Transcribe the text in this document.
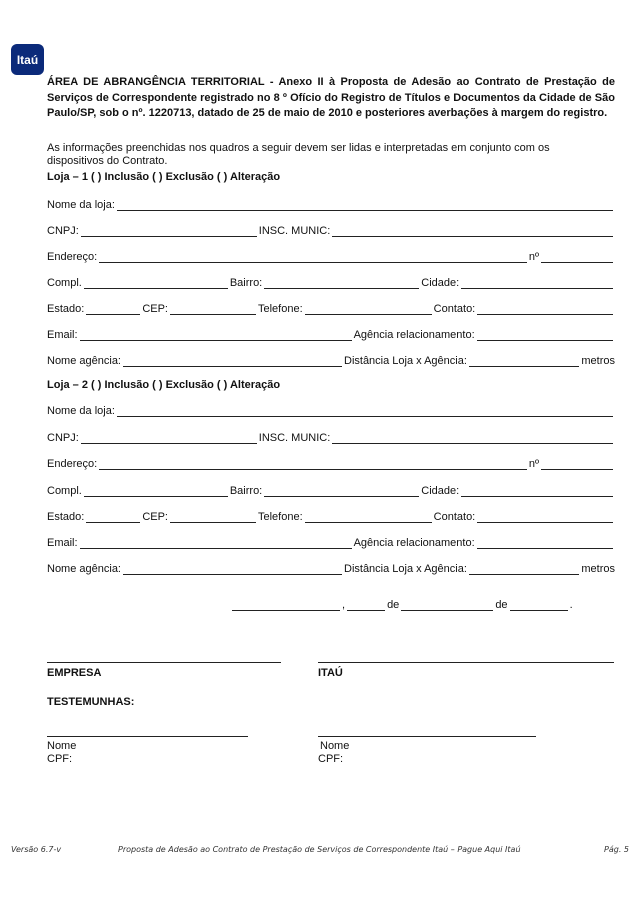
Itaú
ÁREA DE ABRANGÊNCIA TERRITORIAL - Anexo II à Proposta de Adesão ao Contrato de Prestação de Serviços de Correspondente registrado no 8 º Ofício do Registro de Títulos e Documentos da Cidade de São Paulo/SP, sob o nº. 1220713, datado de 25 de maio de 2010 e posteriores averbações à margem do registro.
As informações preenchidas nos quadros a seguir devem ser lidas e interpretadas em conjunto com os dispositivos do Contrato.
Loja – 1 ( ) Inclusão ( ) Exclusão ( ) Alteração
Nome da loja:
CNPJ:	INSC. MUNIC:
Endereço:	nº
Compl.	Bairro:	Cidade:
Estado:	CEP:	Telefone:	Contato:
Email:	Agência relacionamento:
Nome agência:	Distância Loja x Agência:	metros
Loja – 2 ( ) Inclusão ( ) Exclusão ( ) Alteração
Nome da loja:
CNPJ:	INSC. MUNIC:
Endereço:	nº
Compl.	Bairro:	Cidade:
Estado:	CEP:	Telefone:	Contato:
Email:	Agência relacionamento:
Nome agência:	Distância Loja x Agência:	metros
,	de	de	.
EMPRESA	ITAÚ
TESTEMUNHAS:
Nome	Nome
CPF:	CPF:
Versão 6.7-v	Proposta de Adesão ao Contrato de Prestação de Serviços de Correspondente Itaú – Pague Aqui Itaú	Pág. 5
